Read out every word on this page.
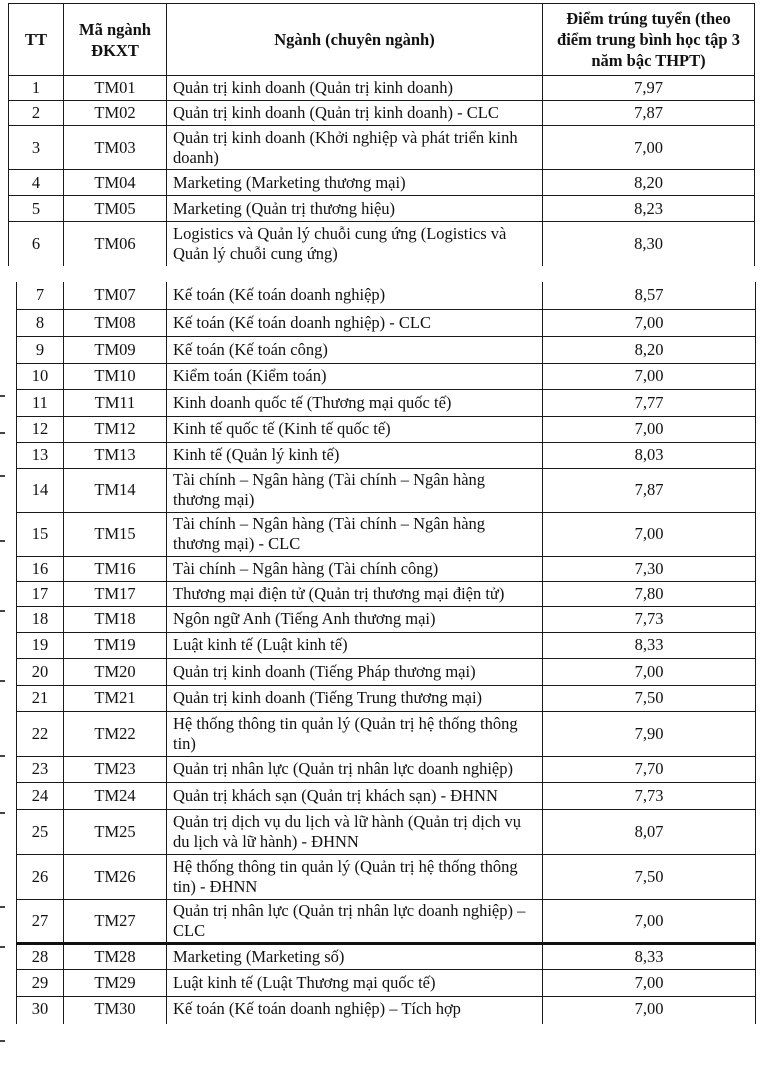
TT	Mã ngành ĐKXT	Ngành (chuyên ngành)	Điểm trúng tuyển (theo điểm trung bình học tập 3 năm bậc THPT)
1	TM01	Quản trị kinh doanh (Quản trị kinh doanh)	7,97
2	TM02	Quản trị kinh doanh (Quản trị kinh doanh) - CLC	7,87
3	TM03	Quản trị kinh doanh (Khởi nghiệp và phát triển kinh doanh)	7,00
4	TM04	Marketing (Marketing thương mại)	8,20
5	TM05	Marketing (Quản trị thương hiệu)	8,23
6	TM06	Logistics và Quản lý chuỗi cung ứng (Logistics và Quản lý chuỗi cung ứng)	8,30
7	TM07	Kế toán (Kế toán doanh nghiệp)	8,57
8	TM08	Kế toán (Kế toán doanh nghiệp) - CLC	7,00
9	TM09	Kế toán (Kế toán công)	8,20
10	TM10	Kiểm toán (Kiểm toán)	7,00
11	TM11	Kinh doanh quốc tế (Thương mại quốc tế)	7,77
12	TM12	Kinh tế quốc tế (Kinh tế quốc tế)	7,00
13	TM13	Kinh tế (Quản lý kinh tế)	8,03
14	TM14	Tài chính – Ngân hàng (Tài chính – Ngân hàng thương mại)	7,87
15	TM15	Tài chính – Ngân hàng (Tài chính – Ngân hàng thương mại) - CLC	7,00
16	TM16	Tài chính – Ngân hàng (Tài chính công)	7,30
17	TM17	Thương mại điện tử (Quản trị thương mại điện tử)	7,80
18	TM18	Ngôn ngữ Anh (Tiếng Anh thương mại)	7,73
19	TM19	Luật kinh tế (Luật kinh tế)	8,33
20	TM20	Quản trị kinh doanh (Tiếng Pháp thương mại)	7,00
21	TM21	Quản trị kinh doanh (Tiếng Trung thương mại)	7,50
22	TM22	Hệ thống thông tin quản lý (Quản trị hệ thống thông tin)	7,90
23	TM23	Quản trị nhân lực (Quản trị nhân lực doanh nghiệp)	7,70
24	TM24	Quản trị khách sạn (Quản trị khách sạn) - ĐHNN	7,73
25	TM25	Quản trị dịch vụ du lịch và lữ hành (Quản trị dịch vụ du lịch và lữ hành) - ĐHNN	8,07
26	TM26	Hệ thống thông tin quản lý (Quản trị hệ thống thông tin) - ĐHNN	7,50
27	TM27	Quản trị nhân lực (Quản trị nhân lực doanh nghiệp) – CLC	7,00
28	TM28	Marketing (Marketing số)	8,33
29	TM29	Luật kinh tế (Luật Thương mại quốc tế)	7,00
30	TM30	Kế toán (Kế toán doanh nghiệp) – Tích hợp	7,00
